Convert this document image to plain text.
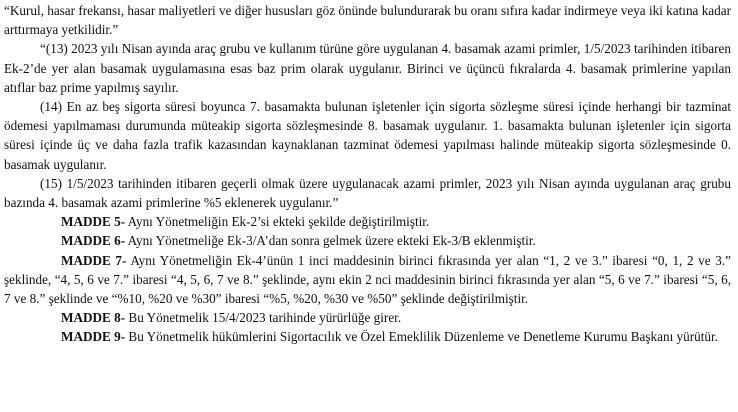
“Kurul, hasar frekansı, hasar maliyetleri ve diğer hususları göz önünde bulundurarak bu oranı sıfıra kadar indirmeye veya iki katına kadar arttırmaya yetkilidir.”

“(13) 2023 yılı Nisan ayında araç grubu ve kullanım türüne göre uygulanan 4. basamak azami primler, 1/5/2023 tarihinden itibaren Ek-2’de yer alan basamak uygulamasına esas baz prim olarak uygulanır. Birinci ve üçüncü fıkralarda 4. basamak primlerine yapılan atıflar baz prime yapılmış sayılır.

(14) En az beş sigorta süresi boyunca 7. basamakta bulunan işletenler için sigorta sözleşme süresi içinde herhangi bir tazminat ödemesi yapılmaması durumunda müteakip sigorta sözleşmesinde 8. basamak uygulanır. 1. basamakta bulunan işletenler için sigorta süresi içinde üç ve daha fazla trafik kazasından kaynaklanan tazminat ödemesi yapılması halinde müteakip sigorta sözleşmesinde 0. basamak uygulanır.

(15) 1/5/2023 tarihinden itibaren geçerli olmak üzere uygulanacak azami primler, 2023 yılı Nisan ayında uygulanan araç grubu bazında 4. basamak azami primlerine %5 eklenerek uygulanır.”

MADDE 5- Aynı Yönetmeliğin Ek-2’si ekteki şekilde değiştirilmiştir.

MADDE 6- Aynı Yönetmeliğe Ek-3/A’dan sonra gelmek üzere ekteki Ek-3/B eklenmiştir.

MADDE 7- Aynı Yönetmeliğin Ek-4’ünün 1 inci maddesinin birinci fıkrasında yer alan “1, 2 ve 3.” ibaresi “0, 1, 2 ve 3.” şeklinde, “4, 5, 6 ve 7.” ibaresi “4, 5, 6, 7 ve 8.” şeklinde, aynı ekin 2 nci maddesinin birinci fıkrasında yer alan “5, 6 ve 7.” ibaresi “5, 6, 7 ve 8.” şeklinde ve “%10, %20 ve %30” ibaresi “%5, %20, %30 ve %50” şeklinde değiştirilmiştir.

MADDE 8- Bu Yönetmelik 15/4/2023 tarihinde yürürlüğe girer.

MADDE 9- Bu Yönetmelik hükümlerini Sigortacılık ve Özel Emeklilik Düzenleme ve Denetleme Kurumu Başkanı yürütür.
